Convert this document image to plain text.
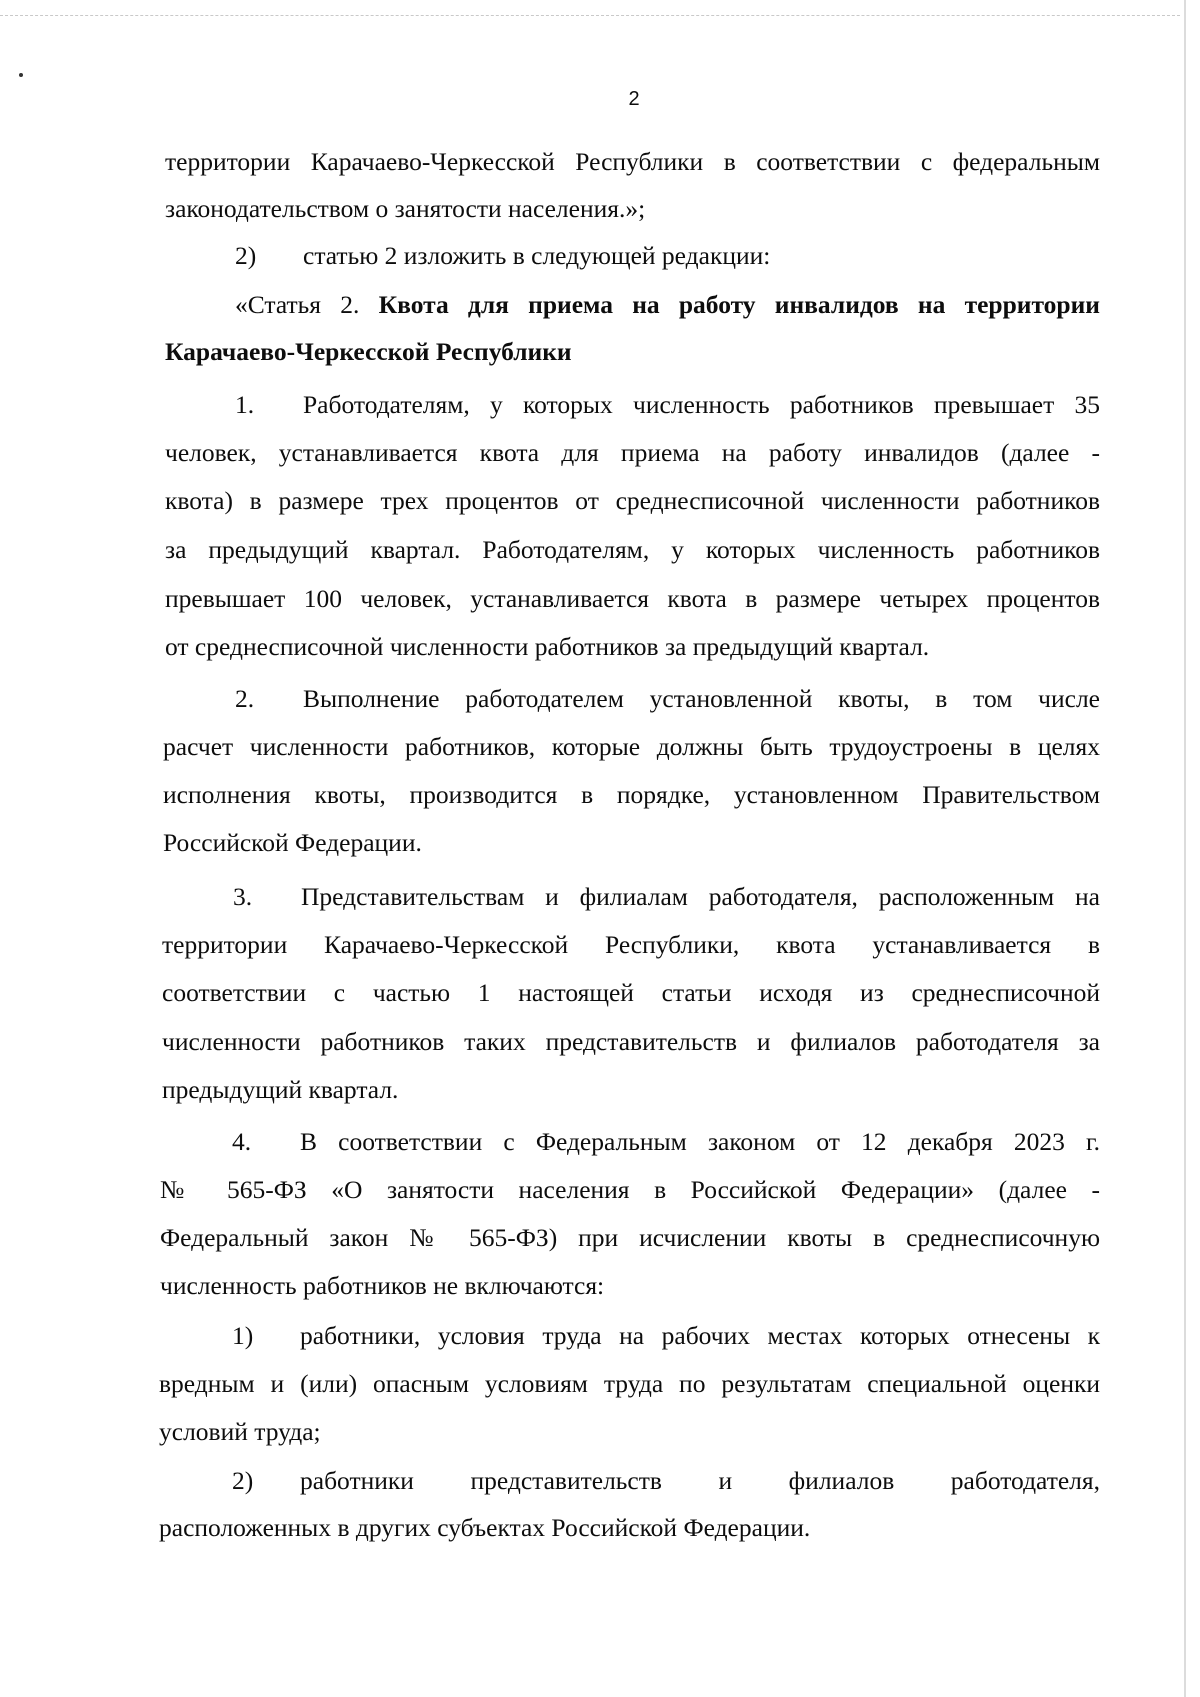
2
территории Карачаево-Черкесской Республики в соответствии с федеральным
законодательством о занятости населения.»;
2) статью 2 изложить в следующей редакции:
«Статья 2. Квота для приема на работу инвалидов на территории
Карачаево-Черкесской Республики
1. Работодателям, у которых численность работников превышает 35
человек, устанавливается квота для приема на работу инвалидов (далее -
квота) в размере трех процентов от среднесписочной численности работников
за предыдущий квартал. Работодателям, у которых численность работников
превышает 100 человек, устанавливается квота в размере четырех процентов
от среднесписочной численности работников за предыдущий квартал.
2. Выполнение работодателем установленной квоты, в том числе
расчет численности работников, которые должны быть трудоустроены в целях
исполнения квоты, производится в порядке, установленном Правительством
Российской Федерации.
3. Представительствам и филиалам работодателя, расположенным на
территории Карачаево-Черкесской Республики, квота устанавливается в
соответствии с частью 1 настоящей статьи исходя из среднесписочной
численности работников таких представительств и филиалов работодателя за
предыдущий квартал.
4. В соответствии с Федеральным законом от 12 декабря 2023 г.
№ 565-ФЗ «О занятости населения в Российской Федерации» (далее -
Федеральный закон № 565-ФЗ) при исчислении квоты в среднесписочную
численность работников не включаются:
1) работники, условия труда на рабочих местах которых отнесены к
вредным и (или) опасным условиям труда по результатам специальной оценки
условий труда;
2) работники представительств и филиалов работодателя,
расположенных в других субъектах Российской Федерации.
